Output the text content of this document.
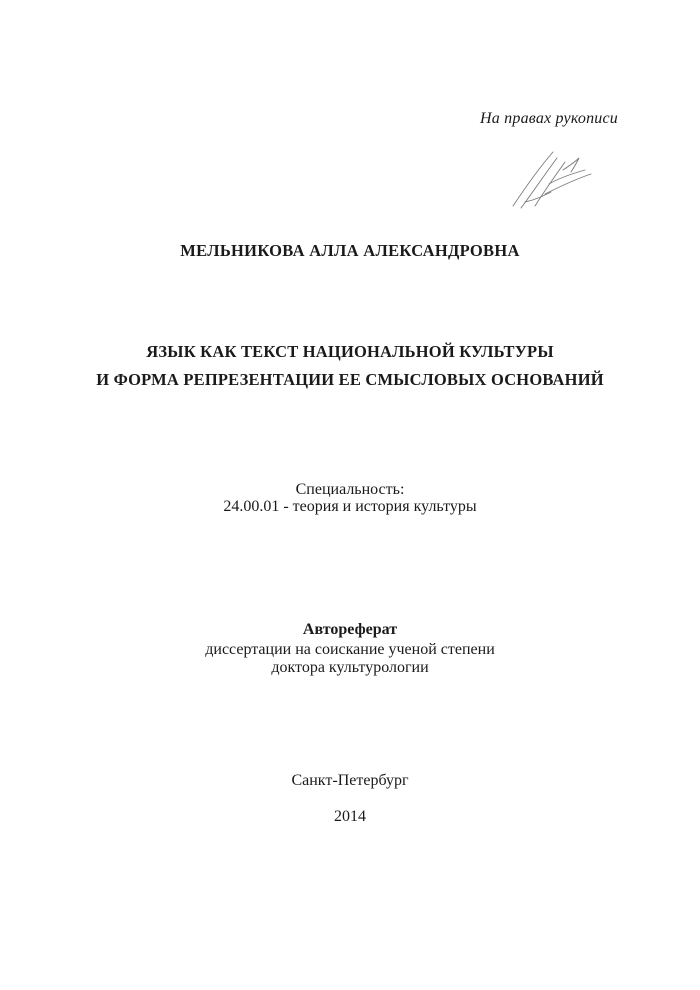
На правах рукописи
МЕЛЬНИКОВА АЛЛА АЛЕКСАНДРОВНА
ЯЗЫК КАК ТЕКСТ НАЦИОНАЛЬНОЙ КУЛЬТУРЫ
И ФОРМА РЕПРЕЗЕНТАЦИИ ЕЕ СМЫСЛОВЫХ ОСНОВАНИЙ
Специальность:
24.00.01 - теория и история культуры
Автореферат
диссертации на соискание ученой степени
доктора культурологии
Санкт-Петербург
2014
